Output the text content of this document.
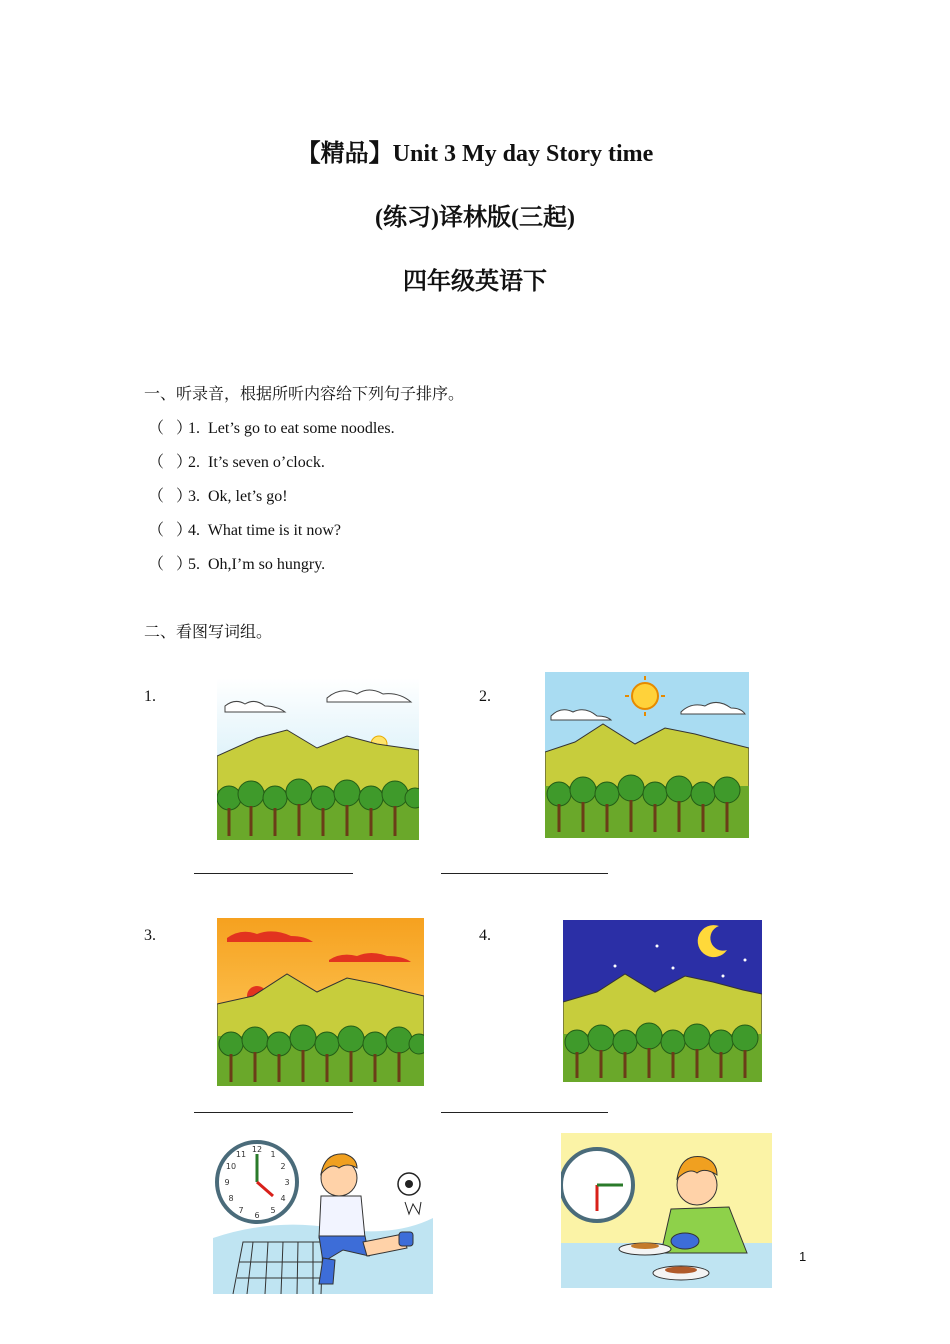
【精品】Unit 3 My day Story time
(练习)译林版(三起)
四年级英语下
一、听录音，根据所听内容给下列句子排序。
（   ）1.  Let’s go to eat some noodles.
（   ）2.  It’s seven o’clock.
（   ）3.  Ok, let’s go!
（   ）4.  What time is it now?
（   ）5.  Oh,I’m so hungry.
二、看图写词组。
1.	2.
3.	4.
12
1
2
3
4
5
6
7
8
9
10
11
1
